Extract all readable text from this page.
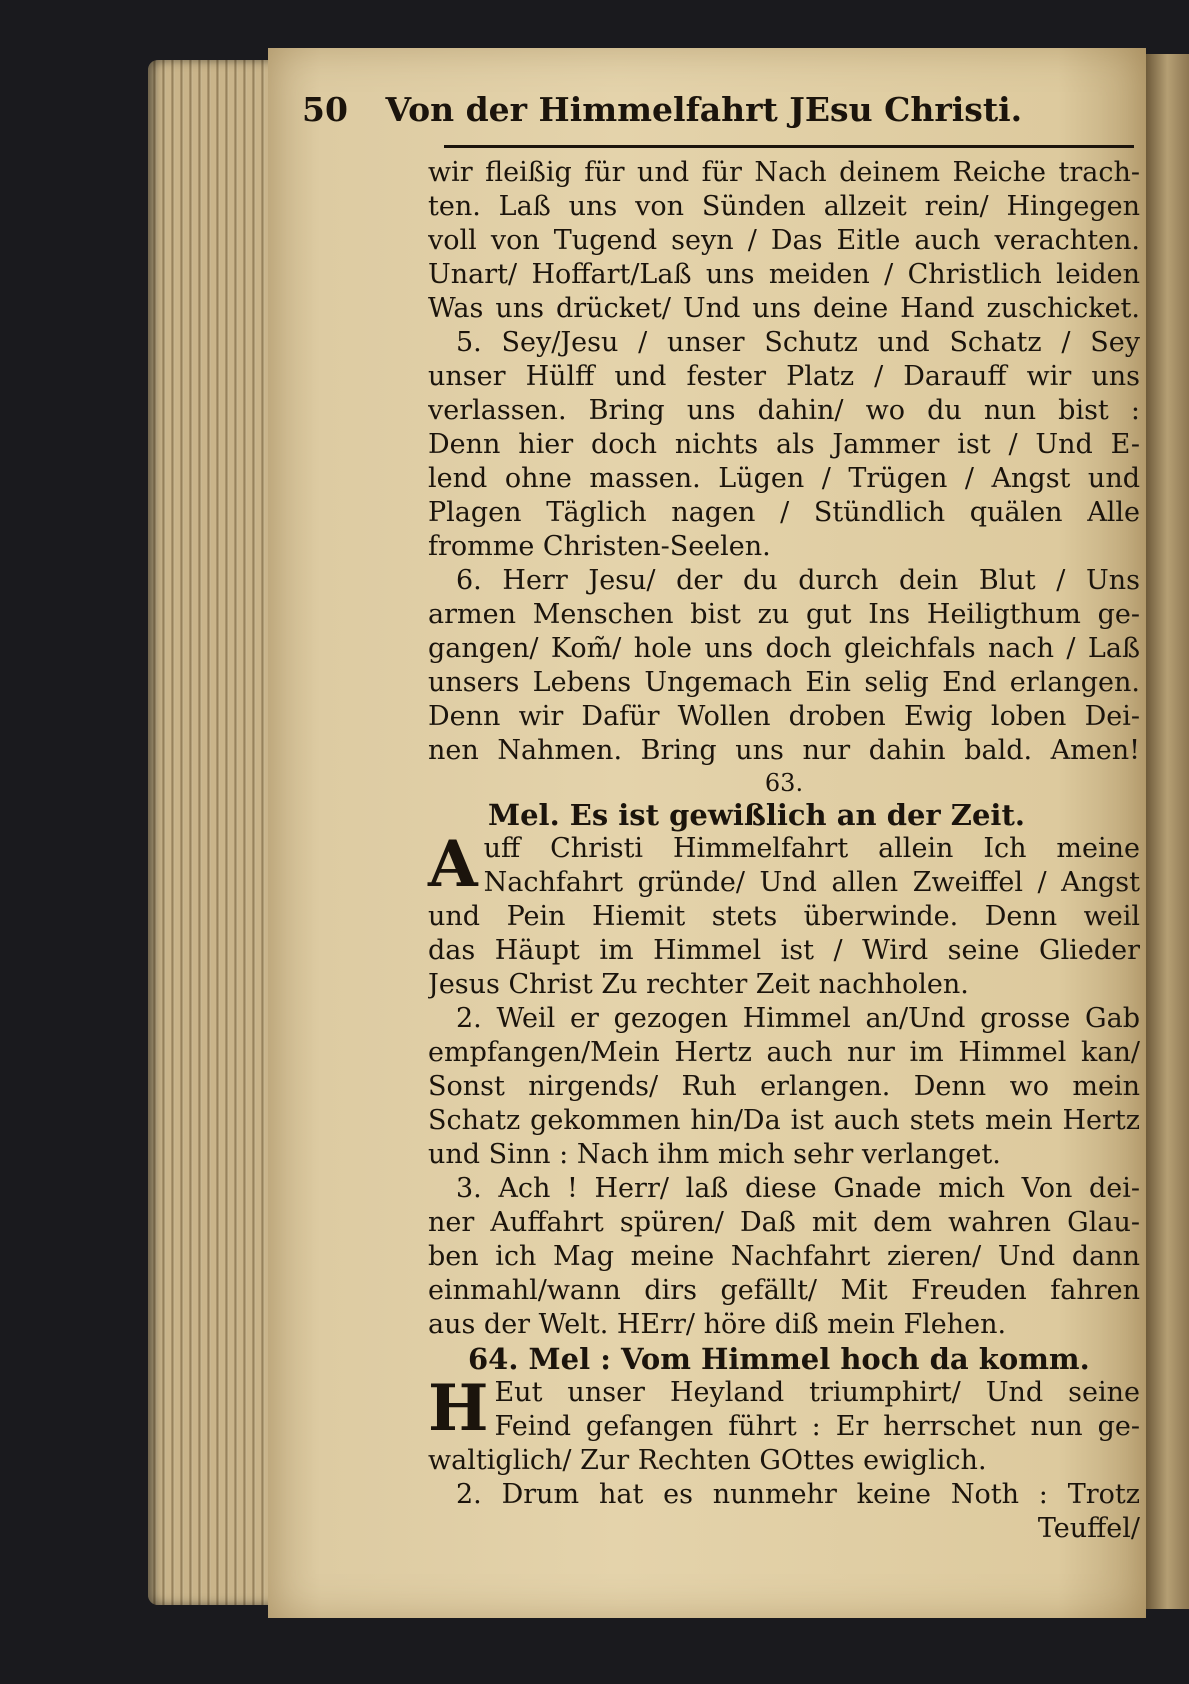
50 Von der Himmelfahrt JEsu Christi.
wir fleißig für und für Nach deinem Reiche trach-
ten. Laß uns von Sünden allzeit rein/ Hingegen
voll von Tugend seyn / Das Eitle auch verachten.
Unart/ Hoffart/Laß uns meiden / Christlich leiden
Was uns drücket/ Und uns deine Hand zuschicket.
5. Sey/Jesu / unser Schutz und Schatz / Sey
unser Hülff und fester Platz / Darauff wir uns
verlassen. Bring uns dahin/ wo du nun bist :
Denn hier doch nichts als Jammer ist / Und E-
lend ohne massen. Lügen / Trügen / Angst und
Plagen Täglich nagen / Stündlich quälen Alle
fromme Christen-Seelen.
6. Herr Jesu/ der du durch dein Blut / Uns
armen Menschen bist zu gut Ins Heiligthum ge-
gangen/ Kom̃/ hole uns doch gleichfals nach / Laß
unsers Lebens Ungemach Ein selig End erlangen.
Denn wir Dafür Wollen droben Ewig loben Dei-
nen Nahmen. Bring uns nur dahin bald. Amen!
63.
Mel. Es ist gewißlich an der Zeit.
A uff Christi Himmelfahrt allein Ich meine
Nachfahrt gründe/ Und allen Zweiffel / Angst
und Pein Hiemit stets überwinde. Denn weil
das Häupt im Himmel ist / Wird seine Glieder
Jesus Christ Zu rechter Zeit nachholen.
2. Weil er gezogen Himmel an/Und grosse Gab
empfangen/Mein Hertz auch nur im Himmel kan/
Sonst nirgends/ Ruh erlangen. Denn wo mein
Schatz gekommen hin/Da ist auch stets mein Hertz
und Sinn : Nach ihm mich sehr verlanget.
3. Ach ! Herr/ laß diese Gnade mich Von dei-
ner Auffahrt spüren/ Daß mit dem wahren Glau-
ben ich Mag meine Nachfahrt zieren/ Und dann
einmahl/wann dirs gefällt/ Mit Freuden fahren
aus der Welt. HErr/ höre diß mein Flehen.
64. Mel : Vom Himmel hoch da komm.
H Eut unser Heyland triumphirt/ Und seine
Feind gefangen führt : Er herrschet nun ge-
waltiglich/ Zur Rechten GOttes ewiglich.
2. Drum hat es nunmehr keine Noth : Trotz
Teuffel/
